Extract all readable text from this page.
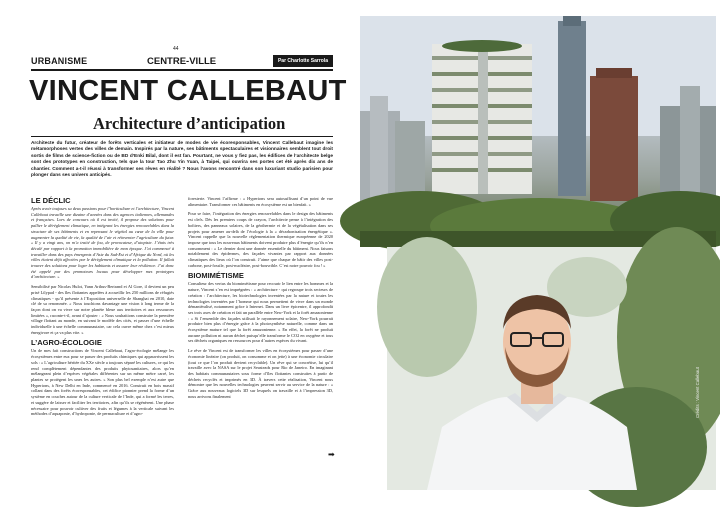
44
URBANISME	CENTRE-VILLE	Par Charlotte Sarrola
VINCENT CALLEBAUT
Architecture d’anticipation
Architecte du futur, créateur de forêts verticales et initiateur de modes de vie écoresponsables, Vincent Callebaut imagine les métamorphoses vertes des villes de demain. Inspirés par la nature, ses bâtiments spectaculaires et visionnaires semblent tout droit sortis de films de science-fiction ou de BD d’Enki Bilal, dont il est fan. Pourtant, ne vous y fiez pas, les édifices de l’architecte belge sont des prototypes en construction, tels que la tour Tao Zhu Yin Yuan, à Taipei, qui ouvrira ses portes cet été après dix ans de chantier. Comment a-t-il réussi à transformer ses rêves en réalité ? Nous l’avons rencontré dans son luxuriant studio parisien pour plonger dans ses univers anticipés.
LE DÉCLIC

Après avoir toujours su deux passions pour l’horticulture et l’architecture, Vincent Callebaut travaille une dizaine d’années dans des agences italiennes, allemandes et françaises. Lors de concours où il est invité, il propose des solutions pour pallier le dérèglement climatique, en intégrant les énergies renouvelables dans la structure de ses bâtiments et en repensant le végétal au cœur de la ville pour augmenter la qualité de vie, la qualité de l’air et réinventer l’agriculture du futur. « Il y a vingt ans, on m’a traité de fou, de provocateur, d’utopiste. J’étais très décalé par rapport à la promotion immobilière de mon époque. J’ai commencé à travailler dans des pays émergents d’Asie du Sud-Est et d’Afrique du Nord, où les villes étaient déjà affectées par le dérèglement climatique et la pollution. Il fallait trouver des solutions pour loger les habitants et assurer leur résilience. J’ai donc été appelé par des promoteurs locaux pour développer mes prototypes d’architecture. »

Sensibilisé par Nicolas Hulot, Yann Arthus-Bertrand et Al Gore, il devient un peu prisé Lilypad - des îles flottantes appelées à accueillir les 250 millions de réfugiés climatiques - qu’il présente à l’Exposition universelle de Shanghai en 2010, date clé de sa renommée. « Nous touchions davantage une vision à long terme de la façon dont on va vivre sur notre planète bleue aux territoires et aux ressources limitées », raconte-t-il, avant d’ajouter : « Nous souhaitions construire la première village flottant au monde, en suivant le modèle des cités, et passer d’une échelle individuelle à une échelle communautaire, car cela ouvre même chez c’est mieux énergivore et ça va plus vite. »

L’AGRO-ÉCOLOGIE

Un de mes fait constructions de Vincent Callebaut, l’agro-écologie mélange les écosystèmes entre eux pour se passer des produits chimiques qui appauvrissent les sols : « L’agriculture héritée du XXe siècle a toujours séparé les cultures, ce qui les rend complètement dépendantes des produits phytosanitaires, alors qu’en mélangeant plein d’espèces végétales différentes sur un même mètre carré, les plantes se protègent les unes les autres. » Son plus bel exemple n’est autre que Hyperions, à New Delhi en Inde, commencé en 2016. Construit en bois massif collant dans des forêts écoresponsables, cet édifice pionnier prend la forme d’un système en couches autour de la culture verticale de l’Inde, qui a formé les terres, et suggère de laisser et faciliter les territoires, afin qu’ils se régénèrent. Une phase nécessaire pour pouvoir cultiver des fruits et légumes à la verticale suivant les méthodes d’aquaponie, d’hydroponie, de permaculture et d’agro-

foresterie. Vincent l’affirme : « Hyperions sera autosuffisant d’un point de vue alimentaire. Transformer ces bâtiments en écosystème est un bienfait. »

Pour se faire, l’intégration des énergies renouvelables dans le design des bâtiments est clefs. Dès les premiers coups de crayon, l’architecte pense à l’intégration des boîtiers, des panneaux solaires, de la géothermie et de la végétalisation dans ses projets pour amener au-delà de l’écologie à la « décarbonisation énergétique ». Vincent rappelle que la nouvelle réglementation thermique européenne de 2020 impose que tous les nouveaux bâtiments doivent produire plus d’énergie qu’ils n’en consomment : « Le dernier dont une donnée essentielle du bâtiment. Nous faisons notablement des épidermes, des façades vivantes par rapport aux données climatiques des lieux où l’on construit. J’aime que chaque de bâtir des villes post-carbone, post-fossile, post-nucléaire, post-bouvrible. C’est notre pouvoir fou ! »

BIOMIMÉTISME

Consulteur des vertus du biomimétisme pour recourir le lien entre les hommes et la nature, Vincent s’en est imprégnées : « architecture - qui regroupe trois secteurs de création : l’architecture, les biotechnologies inventées par la nature et toutes les technologies inventées par l’homme qui nous permettent de vivre dans un monde démantéralisé, notamment grâce à Internet. Dans un livre épicentre, il approfondit ses trois axes de création et fait un parallèle entre New-York et la forêt amazonienne : « Si l’ensemble des façades utilisait le rayonnement solaire, New-York pourrait produire bien plus d’énergie grâce à la photosynthèse naturelle, comme dans un écosystème mature tel que la forêt amazonienne. » En effet, la forêt ne produit aucune pollution ni aucun déchet puisqu’elle transforme le CO2 en oxygène et tous ses déchets organiques en ressources pour d’autres espèces du vivant.

Le rêve de Vincent est de transformer les villes en écosystèmes pour passer d’une économie linéaire (on produit, on consomme et on jette) à une économie circulaire (tout ce que l’on produit devient recyclable). Un rêve qui se concrétise, lui qu’il travaille avec la NASA sur le projet Seasteads pour Rio de Janeiro. En imaginant des habitats communautaires sous forme d’îles flottantes construites à partir de déchets recyclés et imprimés en 3D. À travers cette réalisation, Vincent nous démontre que les nouvelles technologies peuvent servir au service de la nature : « Grâce aux nouveaux logiciels 3D sur lesquels on travaille et à l’impression 3D, nous arrivons finalement

➡
Crédits : Vincent Callebaut
